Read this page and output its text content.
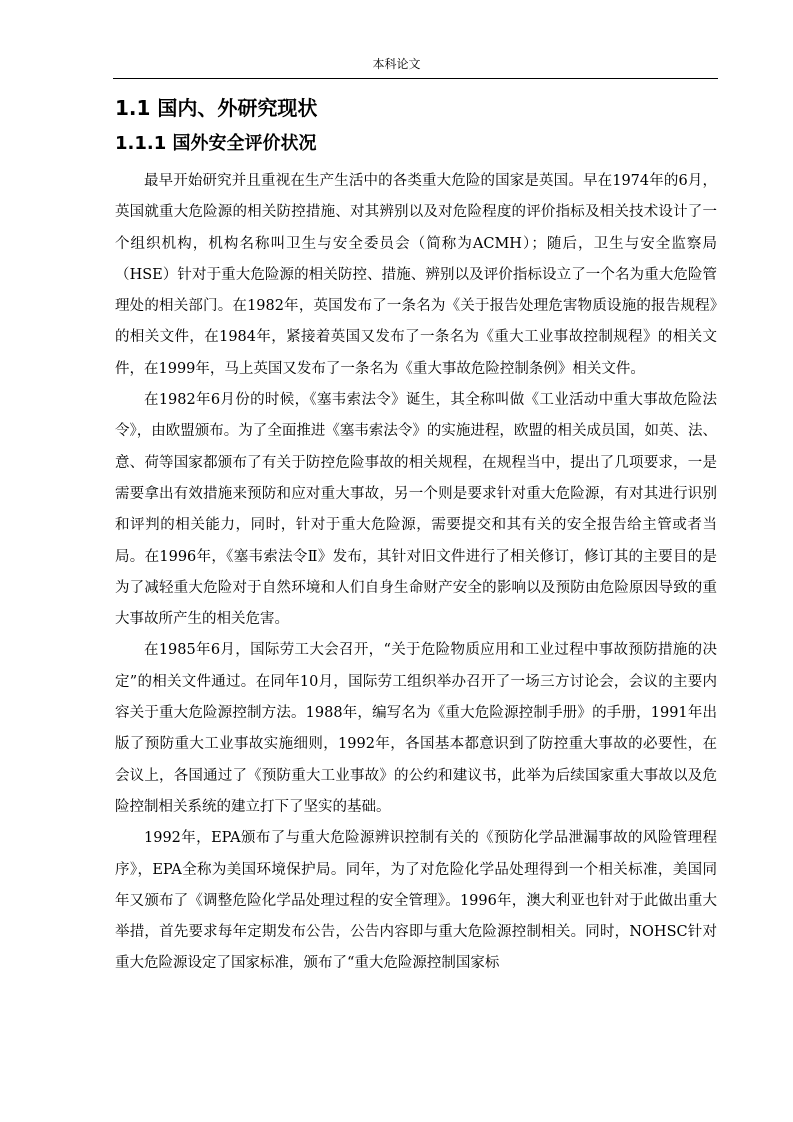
本科论文
1.1 国内、外研究现状
1.1.1 国外安全评价状况

最早开始研究并且重视在生产生活中的各类重大危险的国家是英国。早在1974年的6月，英国就重大危险源的相关防控措施、对其辨别以及对危险程度的评价指标及相关技术设计了一个组织机构，机构名称叫卫生与安全委员会（简称为ACMH）；随后，卫生与安全监察局（HSE）针对于重大危险源的相关防控、措施、辨别以及评价指标设立了一个名为重大危险管理处的相关部门。在1982年，英国发布了一条名为《关于报告处理危害物质设施的报告规程》的相关文件，在1984年，紧接着英国又发布了一条名为《重大工业事故控制规程》的相关文件，在1999年，马上英国又发布了一条名为《重大事故危险控制条例》相关文件。

在1982年6月份的时候，《塞韦索法令》诞生，其全称叫做《工业活动中重大事故危险法令》，由欧盟颁布。为了全面推进《塞韦索法令》的实施进程，欧盟的相关成员国，如英、法、意、荷等国家都颁布了有关于防控危险事故的相关规程，在规程当中，提出了几项要求，一是需要拿出有效措施来预防和应对重大事故，另一个则是要求针对重大危险源，有对其进行识别和评判的相关能力，同时，针对于重大危险源，需要提交和其有关的安全报告给主管或者当局。在1996年，《塞韦索法令Ⅱ》发布，其针对旧文件进行了相关修订，修订其的主要目的是为了减轻重大危险对于自然环境和人们自身生命财产安全的影响以及预防由危险原因导致的重大事故所产生的相关危害。

在1985年6月，国际劳工大会召开，“关于危险物质应用和工业过程中事故预防措施的决定”的相关文件通过。在同年10月，国际劳工组织举办召开了一场三方讨论会，会议的主要内容关于重大危险源控制方法。1988年，编写名为《重大危险源控制手册》的手册，1991年出版了预防重大工业事故实施细则，1992年，各国基本都意识到了防控重大事故的必要性，在会议上，各国通过了《预防重大工业事故》的公约和建议书，此举为后续国家重大事故以及危险控制相关系统的建立打下了坚实的基础。

1992年，EPA颁布了与重大危险源辨识控制有关的《预防化学品泄漏事故的风险管理程序》，EPA全称为美国环境保护局。同年，为了对危险化学品处理得到一个相关标准，美国同年又颁布了《调整危险化学品处理过程的安全管理》。1996年，澳大利亚也针对于此做出重大举措，首先要求每年定期发布公告，公告内容即与重大危险源控制相关。同时，NOHSC针对重大危险源设定了国家标准，颁布了“重大危险源控制国家标
